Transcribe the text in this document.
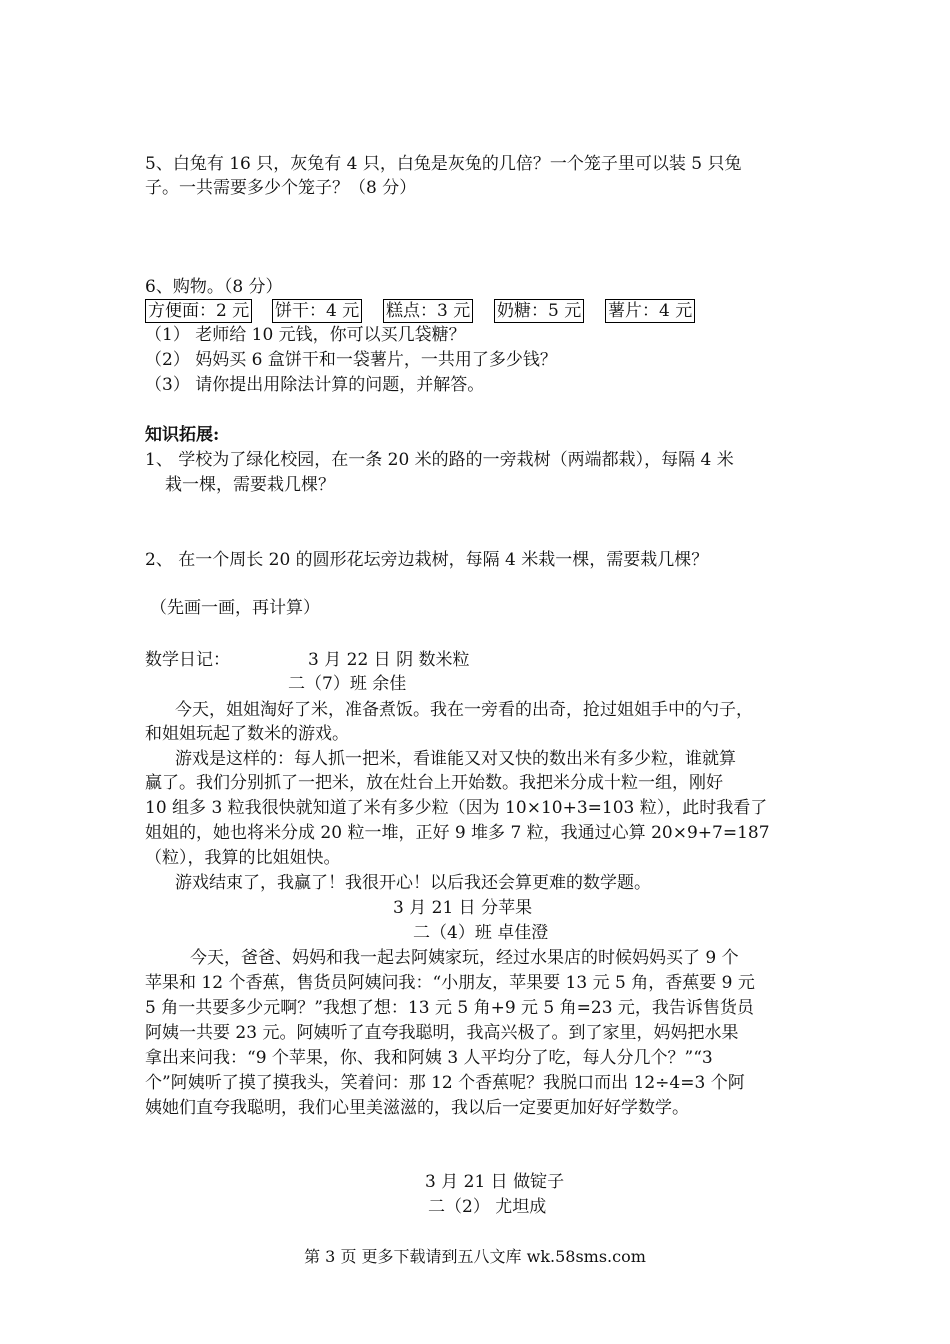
5、白兔有 16 只，灰兔有 4 只，白兔是灰兔的几倍？一个笼子里可以装 5 只兔
子。一共需要多少个笼子？（8 分）
6、购物。（8 分）
方便面：2 元 饼干：4 元 糕点：3 元 奶糖：5 元 薯片：4 元
（1） 老师给 10 元钱，你可以买几袋糖？
（2） 妈妈买 6 盒饼干和一袋薯片，一共用了多少钱？
（3） 请你提出用除法计算的问题，并解答。
知识拓展:
1、 学校为了绿化校园，在一条 20 米的路的一旁栽树（两端都栽），每隔 4 米
栽一棵，需要栽几棵？
2、 在一个周长 20 的圆形花坛旁边栽树，每隔 4 米栽一棵，需要栽几棵？
（先画一画，再计算）
数学日记：	3 月 22 日 阴 数米粒
二（7）班 余佳
今天，姐姐淘好了米，准备煮饭。我在一旁看的出奇，抢过姐姐手中的勺子，
和姐姐玩起了数米的游戏。
游戏是这样的：每人抓一把米，看谁能又对又快的数出米有多少粒，谁就算
赢了。我们分别抓了一把米，放在灶台上开始数。我把米分成十粒一组，刚好
10 组多 3 粒我很快就知道了米有多少粒（因为 10×10+3=103 粒），此时我看了
姐姐的，她也将米分成 20 粒一堆，正好 9 堆多 7 粒，我通过心算 20×9+7=187
（粒），我算的比姐姐快。
游戏结束了，我赢了！我很开心！以后我还会算更难的数学题。
3 月 21 日 分苹果
二（4）班 卓佳澄
今天，爸爸、妈妈和我一起去阿姨家玩，经过水果店的时候妈妈买了 9 个
苹果和 12 个香蕉，售货员阿姨问我：“小朋友，苹果要 13 元 5 角，香蕉要 9 元
5 角一共要多少元啊？”我想了想：13 元 5 角+9 元 5 角=23 元，我告诉售货员
阿姨一共要 23 元。阿姨听了直夸我聪明，我高兴极了。到了家里，妈妈把水果
拿出来问我：“9 个苹果，你、我和阿姨 3 人平均分了吃，每人分几个？”“3
个”阿姨听了摸了摸我头，笑着问：那 12 个香蕉呢？我脱口而出 12÷4=3 个阿
姨她们直夸我聪明，我们心里美滋滋的，我以后一定要更加好好学数学。
3 月 21 日 做锭子
二（2） 尤坦成
第 3 页 更多下载请到五八文库 wk.58sms.com
